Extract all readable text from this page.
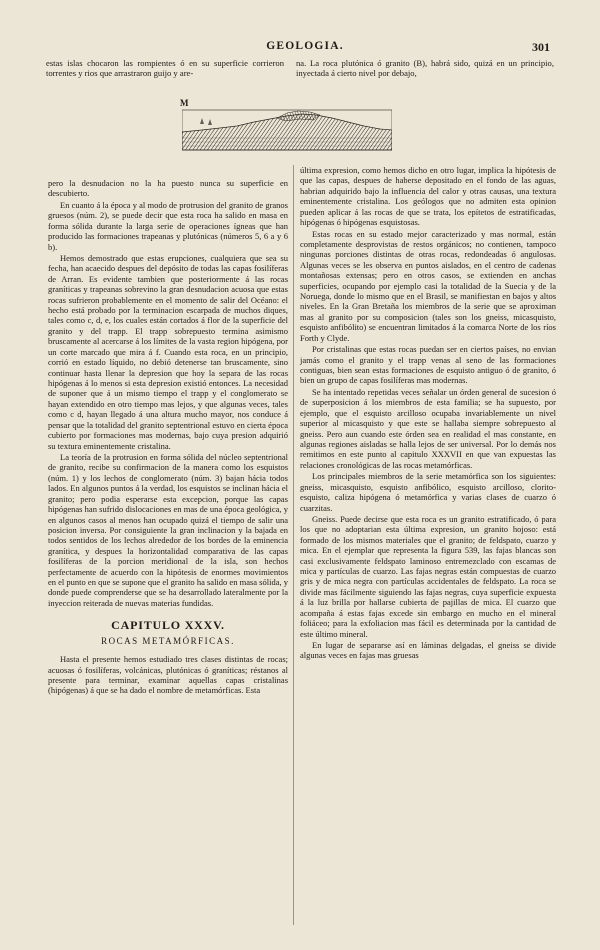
GEOLOGIA.	301
estas islas chocaron las rompientes ó en su superficie corrieron torrentes y rios que arrastraron guijo y are-
na. La roca plutónica ó granito (B), habrá sido, quizá en un principio, inyectada á cierto nivel por debajo,
M

pero la desnudacion no la ha puesto nunca su superficie en descubierto.

En cuanto á la época y al modo de protrusion del granito de granos gruesos (núm. 2), se puede decir que esta roca ha salido en masa en forma sólida durante la larga serie de operaciones ígneas que han producido las formaciones trapeanas y plutónicas (números 5, 6 a y 6 b).

Hemos demostrado que estas erupciones, cualquiera que sea su fecha, han acaecido despues del depósito de todas las capas fosilíferas de Arran. Es evidente tambien que posteriormente á las rocas graníticas y trapeanas sobrevino la gran desnudacion acuosa que estas rocas sufrieron probablemente en el momento de salir del Océano: el hecho está probado por la terminacion escarpada de muchos diques, tales como c, d, e, los cuales están cortados á flor de la superficie del granito y del trapp. El trapp sobrepuesto termina asimismo bruscamente al acercarse á los límites de la vasta region hipógena, por un corte marcado que mira á f. Cuando esta roca, en un principio, corrió en estado líquido, no debió detenerse tan bruscamente, sino continuar hasta llenar la depresion que hoy la separa de las rocas hipógenas á lo menos si esta depresion existió entonces. La necesidad de suponer que á un mismo tiempo el trapp y el conglomerato se hayan extendido en otro tiempo mas lejos, y que algunas veces, tales como c d, hayan llegado á una altura mucho mayor, nos conduce á pensar que la totalidad del granito septentrional estuvo en cierta época cubierto por formaciones mas modernas, bajo cuya presion adquirió su textura eminentemente cristalina.

La teoría de la protrusion en forma sólida del núcleo septentrional de granito, recibe su confirmacion de la manera como los esquistos (núm. 1) y los lechos de conglomerato (núm. 3) bajan hácia todos lados. En algunos puntos á la verdad, los esquistos se inclinan hácia el granito; pero podia esperarse esta excepcion, porque las capas hipógenas han sufrido dislocaciones en mas de una época geológica, y en algunos casos al menos han ocupado quizá el tiempo de salir una posicion inversa. Por consiguiente la gran inclinacion y la bajada en todos sentidos de los lechos alrededor de los bordes de la eminencia granítica, y despues la horizontalidad comparativa de las capas fosilíferas de la porcion meridional de la isla, son hechos perfectamente de acuerdo con la hipótesis de enormes movimientos en el punto en que se supone que el granito ha salido en masa sólida, y donde puede comprenderse que se ha desarrollado lateralmente por la inyeccion reiterada de nuevas materias fundidas.

CAPITULO XXXV.
ROCAS METAMÓRFICAS.

Hasta el presente hemos estudiado tres clases distintas de rocas; acuosas ó fosilíferas, volcánicas, plutónicas ó graníticas; réstanos al presente para terminar, examinar aquellas capas cristalinas (hipógenas) á que se ha dado el nombre de metamórficas. Esta

última expresion, como hemos dicho en otro lugar, implica la hipótesis de que las capas, despues de haberse depositado en el fondo de las aguas, habrian adquirido bajo la influencia del calor y otras causas, una textura eminentemente cristalina. Los geólogos que no admiten esta opinion pueden aplicar á las rocas de que se trata, los epítetos de estratificadas, hipógenas ó hipógenas esquistosas.

Estas rocas en su estado mejor caracterizado y mas normal, están completamente desprovistas de restos orgánicos; no contienen, tampoco ningunas porciones distintas de otras rocas, redondeadas ó angulosas. Algunas veces se les observa en puntos aislados, en el centro de cadenas montañosas extensas; pero en otros casos, se extienden en anchas superficies, ocupando por ejemplo casi la totalidad de la Suecia y de la Noruega, donde lo mismo que en el Brasil, se manifiestan en bajos y altos niveles. En la Gran Bretaña los miembros de la serie que se aproximan mas al granito por su composicion (tales son los gneiss, micasquisto, esquisto anfibólito) se encuentran limitados á la comarca Norte de los ríos Forth y Clyde.

Por cristalinas que estas rocas puedan ser en ciertos países, no envian jamás como el granito y el trapp venas al seno de las formaciones contiguas, bien sean estas formaciones de esquisto antiguo ó de granito, ó bien un grupo de capas fosilíferas mas modernas.

Se ha intentado repetidas veces señalar un órden general de sucesion ó de superposicion á los miembros de esta familia; se ha supuesto, por ejemplo, que el esquisto arcilloso ocupaba invariablemente un nivel superior al micasquisto y que este se hallaba siempre sobrepuesto al gneiss. Pero aun cuando este órden sea en realidad el mas constante, en algunas regiones aisladas se halla lejos de ser universal. Por lo demás nos remitimos en este punto al capitulo XXXVII en que van expuestas las relaciones cronológicas de las rocas metamórficas.

Los principales miembros de la serie metamórfica son los siguientes: gneiss, micasquisto, esquisto anfibólico, esquisto arcilloso, clorito-esquisto, caliza hipógena ó metamórfica y varias clases de cuarzo ó cuarzitas.

Gneiss. Puede decirse que esta roca es un granito estratificado, ó para los que no adoptarian esta última expresion, un granito hojoso: está formado de los mismos materiales que el granito; de feldspato, cuarzo y mica. En el ejemplar que representa la figura 539, las fajas blancas son casi exclusivamente feldspato laminoso entremezclado con escamas de mica y partículas de cuarzo. Las fajas negras están compuestas de cuarzo gris y de mica negra con partículas accidentales de feldspato. La roca se divide mas fácilmente siguiendo las fajas negras, cuya superficie expuesta á la luz brilla por hallarse cubierta de pajillas de mica. El cuarzo que acompaña á estas fajas excede sin embargo en mucho en el mineral foliáceo; para la exfoliacion mas fácil es determinada por la cantidad de este último mineral.

En lugar de separarse así en láminas delgadas, el gneiss se divide algunas veces en fajas mas gruesas
